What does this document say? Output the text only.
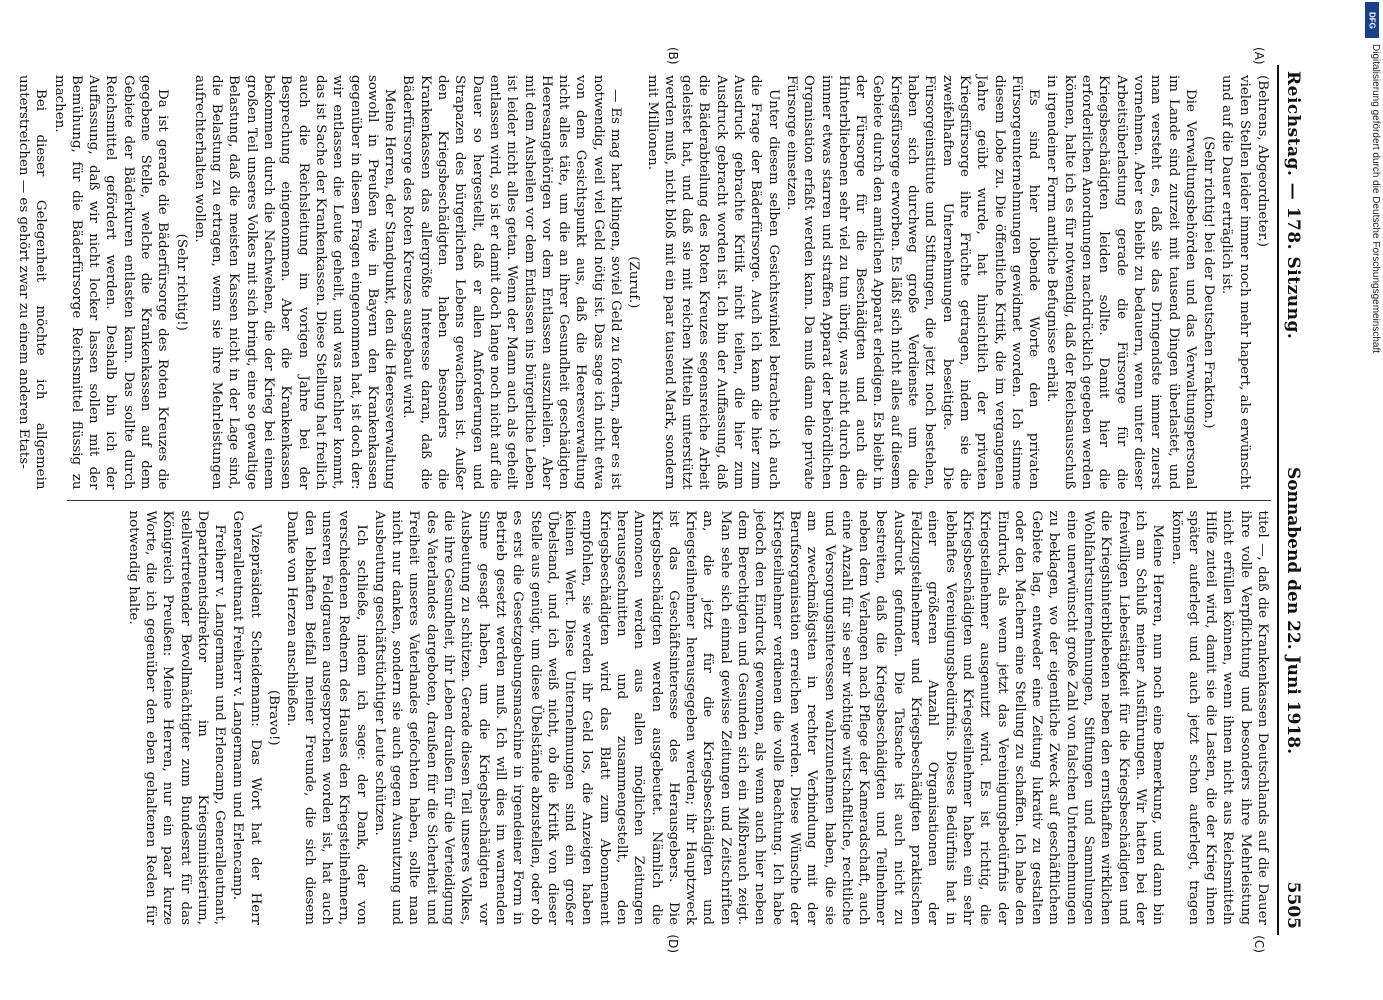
Reichstag. — 178. Sitzung.
Sonnabend den 22. Juni 1918.
5505
(A)
(B)

(Behrens, Abgeordneter.)

vielen Stellen leider immer noch mehr hapert, als erwünscht und auf die Dauer erträglich ist.

(Sehr richtig! bei der Deutschen Fraktion.)

Die Verwaltungsbehörden und das Verwaltungspersonal im Lande sind zurzeit mit tausend Dingen überlastet, und man versteht es, daß sie das Dringendste immer zuerst vornehmen. Aber es bleibt zu bedauern, wenn unter dieser Arbeitsüberlastung gerade die Fürsorge für die Kriegsbeschädigten leiden sollte. Damit hier die erforderlichen Anordnungen nachdrücklich gegeben werden können, halte ich es für notwendig, daß der Reichsausschuß in irgendeiner Form amtliche Befugnisse erhält.

Es sind hier lobende Worte den privaten Fürsorgeunternehmungen gewidmet worden. Ich stimme diesem Lobe zu. Die öffentliche Kritik, die im vergangenen Jahre geübt wurde, hat hinsichtlich der privaten Kriegsfürsorge ihre Früchte getragen, indem sie die zweifelhaften Unternehmungen beseitigte. Die Fürsorgeinstitute und Stiftungen, die jetzt noch bestehen, haben sich durchweg große Verdienste um die Kriegsfürsorge erworben. Es läßt sich nicht alles auf diesem Gebiete durch den amtlichen Apparat erledigen. Es bleibt in der Fürsorge für die Beschädigten und auch die Hinterbliebenen sehr viel zu tun übrig, was nicht durch den immer etwas starren und straffen Apparat der behördlichen Organisation erfaßt werden kann. Da muß dann die private Fürsorge einsetzen.

Unter diesem selben Gesichtswinkel betrachte ich auch die Frage der Bäderfürsorge. Auch ich kann die hier zum Ausdruck gebrachte Kritik nicht teilen, die hier zum Ausdruck gebracht worden ist. Ich bin der Auffassung, daß die Bäderabteilung des Roten Kreuzes segensreiche Arbeit geleistet hat, und daß sie mit reichen Mitteln unterstützt werden muß, nicht bloß mit ein paar tausend Mark, sondern mit Millionen.

(Zuruf.)

— Es mag hart klingen, soviel Geld zu fordern, aber es ist notwendig, weil viel Geld nötig ist. Das sage ich nicht etwa von dem Gesichtspunkt aus, daß die Heeresverwaltung nicht alles täte, um die an ihrer Gesundheit geschädigten Heeresangehörigen vor dem Entlassen auszuheilen. Aber mit dem Ausheilen vor dem Entlassen ins bürgerliche Leben ist leider nicht alles getan. Wenn der Mann auch als geheilt entlassen wird, so ist er damit doch lange noch nicht auf die Dauer so hergestellt, daß er allen Anforderungen und Strapazen des bürgerlichen Lebens gewachsen ist. Außer den Kriegsbeschädigten haben besonders die Krankenkassen das allergrößte Interesse daran, daß die Bäderfürsorge des Roten Kreuzes ausgebaut wird.

Meine Herren, der Standpunkt, den die Heeresverwaltung sowohl in Preußen wie in Bayern den Krankenkassen gegenüber in diesen Fragen eingenommen hat, ist doch der: wir entlassen die Leute geheilt, und was nachher kommt, das ist Sache der Krankenkassen. Diese Stellung hat freilich auch die Reichsleitung im vorigen Jahre bei der Besprechung eingenommen. Aber die Krankenkassen bekommen durch die Nachwehen, die der Krieg bei einem großen Teil unseres Volkes mit sich bringt, eine so gewaltige Belastung, daß die meisten Kassen nicht in der Lage sind, die Belastung zu ertragen, wenn sie ihre Mehrleistungen aufrechterhalten wollen.

(Sehr richtig!)

Da ist gerade die Bäderfürsorge des Roten Kreuzes die gegebene Stelle, welche die Krankenkassen auf dem Gebiete der Bäderkuren entlasten kann. Das sollte durch Reichsmittel gefördert werden. Deshalb bin ich der Auffassung, daß wir nicht locker lassen sollen mit der Bemühung, für die Bäderfürsorge Reichsmittel flüssig zu machen.

Bei dieser Gelegenheit möchte ich allgemein unterstreichen — es gehört zwar zu einem anderen Etats-

(C)
(D)

titel —, daß die Krankenkassen Deutschlands auf die Dauer ihre volle Verpflichtung und besonders ihre Mehrleistung nicht erfüllen können, wenn ihnen nicht aus Reichsmitteln Hilfe zuteil wird, damit sie die Lasten, die der Krieg ihnen später auferlegt und auch jetzt schon auferlegt, tragen können.

Meine Herren, nun noch eine Bemerkung, und dann bin ich am Schluß meiner Ausführungen. Wir hatten bei der freiwilligen Liebestätigkeit für die Kriegsbeschädigten und die Kriegshinterbliebenen neben den ernsthaften wirklichen Wohlfahrtsunternehmungen, Stiftungen und Sammlungen eine unerwünscht große Zahl von falschen Unternehmungen zu beklagen, wo der eigentliche Zweck auf geschäftlichem Gebiete lag, entweder eine Zeitung lukrativ zu gestalten oder den Machern eine Stellung zu schaffen. Ich habe den Eindruck, als wenn jetzt das Vereinigungsbedürfnis der Kriegsteilnehmer ausgenutzt wird. Es ist richtig, die Kriegsbeschädigten und Kriegsteilnehmer haben ein sehr lebhaftes Vereinigungsbedürfnis. Dieses Bedürfnis hat in einer größeren Anzahl Organisationen der Feldzugsteilnehmer und Kriegsbeschädigten praktischen Ausdruck gefunden. Die Tatsache ist auch nicht zu bestreiten, daß die Kriegsbeschädigten und Teilnehmer neben dem Verlangen nach Pflege der Kameradschaft, auch eine Anzahl für sie sehr wichtige wirtschaftliche, rechtliche und Versorgungsinteressen wahrzunehmen haben, die sie am zweckmäßigsten in rechter Verbindung mit der Berufsorganisation erreichen werden. Diese Wünsche der Kriegsteilnehmer verdienen die volle Beachtung. Ich habe jedoch den Eindruck gewonnen, als wenn auch hier neben dem Berechtigten und Gesunden sich ein Mißbrauch zeigt. Man sehe sich einmal gewisse Zeitungen und Zeitschriften an, die jetzt für die Kriegsbeschädigten und Kriegsteilnehmer herausgegeben werden; ihr Hauptzweck ist das Geschäftsinteresse des Herausgebers. Die Kriegsbeschädigten werden ausgebeutet. Nämlich die Annoncen werden aus allen möglichen Zeitungen herausgeschnitten und zusammengestellt, den Kriegsbeschädigten wird das Blatt zum Abonnement empfohlen, sie werden ihr Geld los, die Anzeigen haben keinen Wert. Diese Unternehmungen sind ein großer Übelstand, und ich weiß nicht, ob die Kritik von dieser Stelle aus genügt, um diese Übelstände abzustellen, oder ob es erst die Gesetzgebungsmaschine in irgendeiner Form in Betrieb gesetzt werden muß. Ich will dies im warnenden Sinne gesagt haben, um die Kriegsbeschädigten vor Ausbeutung zu schützen. Gerade diesen Teil unseres Volkes, die ihre Gesundheit, ihr Leben draußen für die Verteidigung des Vaterlandes dargeboten, draußen für die Sicherheit und Freiheit unseres Vaterlandes gefochten haben, sollte man nicht nur danken, sondern sie auch gegen Ausnutzung und Ausbeutung geschäftstüchtiger Leute schützen.

Ich schließe, indem ich sage: der Dank, der von verschiedenen Rednern des Hauses den Kriegsteilnehmern, unseren Feldgrauen ausgesprochen worden ist, hat auch den lebhaften Beifall meiner Freunde, die sich diesem Danke von Herzen anschließen.

(Bravo!)

Vizepräsident Scheidemann: Das Wort hat der Herr Generalleutnant Freiherr v. Langermann und Erlencamp.

Freiherr v. Langermann und Erlencamp, Generalleutnant, Departementsdirektor im Kriegsministerium, stellvertretender Bevollmächtigter zum Bundesrat für das Königreich Preußen: Meine Herren, nur ein paar kurze Worte, die ich gegenüber den eben gehaltenen Reden für notwendig halte.

DFG
Digitalisierung gefördert durch die Deutsche Forschungsgemeinschaft
